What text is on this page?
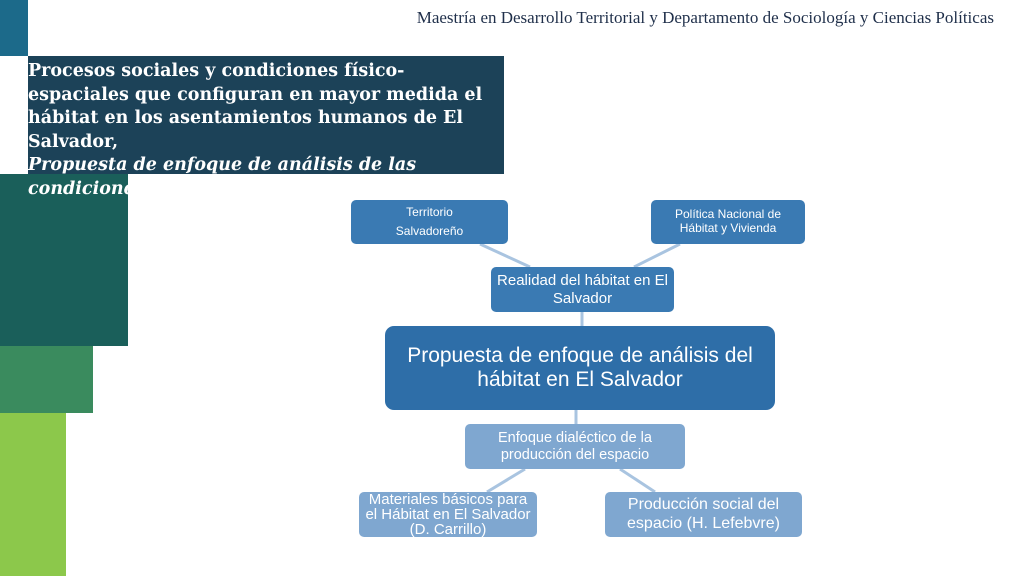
Maestría en Desarrollo Territorial y Departamento de Sociología y Ciencias Políticas
Procesos sociales y condiciones físico-espaciales que configuran en mayor medida el hábitat en los asentamientos humanos de El Salvador,
Propuesta de enfoque de análisis de las condiciones del hábitat, el caso de Arcatao
Territorio Salvadoreño
Política Nacional de Hábitat y Vivienda
Realidad del hábitat en El Salvador
Propuesta de enfoque de análisis del hábitat en El Salvador
Enfoque dialéctico de la producción del espacio
Materiales básicos para el Hábitat en El Salvador (D. Carrillo)
Producción social del espacio (H. Lefebvre)
